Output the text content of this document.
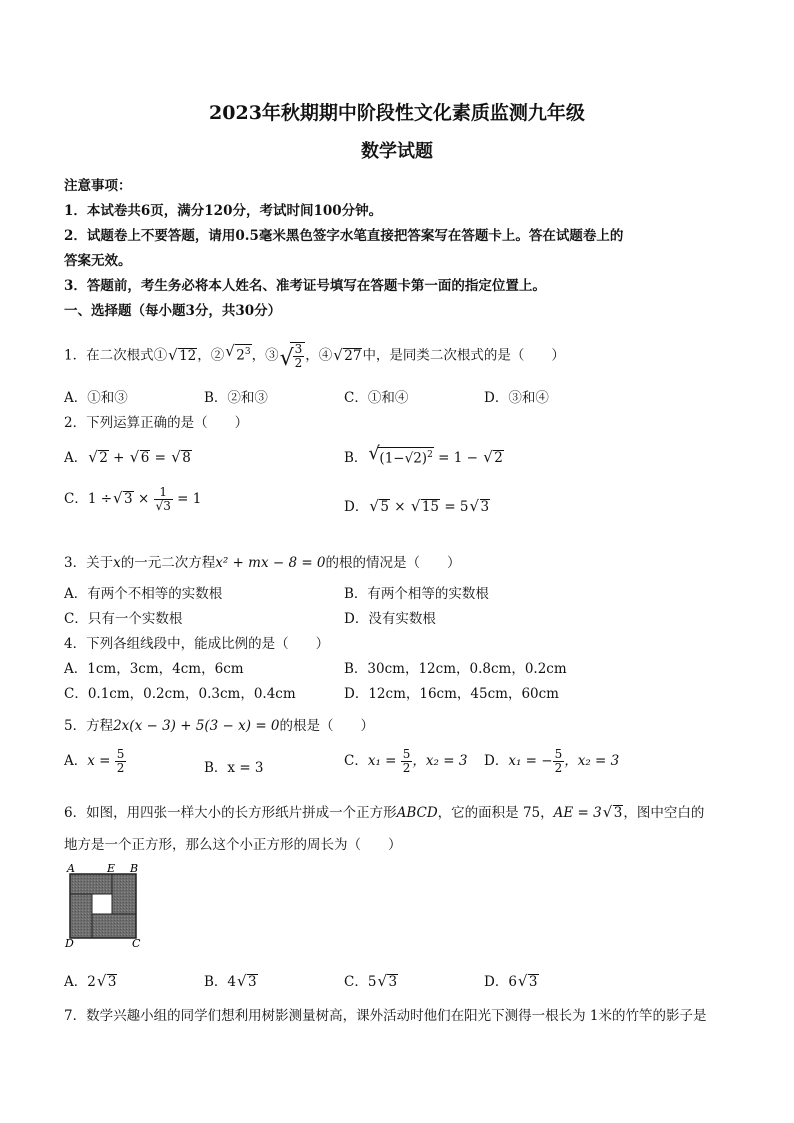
2023年秋期期中阶段性文化素质监测九年级
数学试题
注意事项：
1．本试卷共6页，满分120分，考试时间100分钟。
2．试题卷上不要答题，请用0.5毫米黑色签字水笔直接把答案写在答题卡上。答在试题卷上的
答案无效。
3．答题前，考生务必将本人姓名、准考证号填写在答题卡第一面的指定位置上。
一、选择题（每小题3分，共30分）
1．在二次根式① √ 12，② √ $2^3$，③ √
$\frac{3}{2}$ ，④ √ 27中，是同类二次根式的是（　　）
A．①和③	B．②和③	C．①和④	D．③和④
2．下列运算正确的是（　　）
A． √ 2 + √ 6 = √ 8	B． √ $(1-√2)^2 = 1$ − √ 2
C．1 ÷ √ $3 \times \frac{1}{√3} = 1$	D． √ 5 × √ 15 = 5 √ 3
3．关于x的一元二次方程x² + mx − 8 = 0的根的情况是（　　）
A．有两个不相等的实数根	B．有两个相等的实数根
C．只有一个实数根	D．没有实数根
4．下列各组线段中，能成比例的是（　　）
A．1cm，3cm，4cm，6cm	B．30cm，12cm，0.8cm，0.2cm
C．0.1cm，0.2cm，0.3cm，0.4cm	D．12cm，16cm，45cm，60cm
5．方程2x(x − 3) + 5(3 − x) = 0的根是（　　）
A．$x = \frac{5}{2}$	B．x = 3	C．$x_1 = \frac{5}{2}$ ，x₂ = 3 D．x₁ = − $\frac{5}{2}$ ，x₂ = 3
6．如图，用四张一样大小的长方形纸片拼成一个正方形ABCD，它的面积是 75，AE = 3 √ 3，图中空白的
地方是一个正方形，那么这个小正方形的周长为（　　）
A	E B
D	C
A．2 √ 3	B．4 √ 3	C．5 √ 3	D．6 √ 3
7．数学兴趣小组的同学们想利用树影测量树高，课外活动时他们在阳光下测得一根长为 1米的竹竿的影子是
